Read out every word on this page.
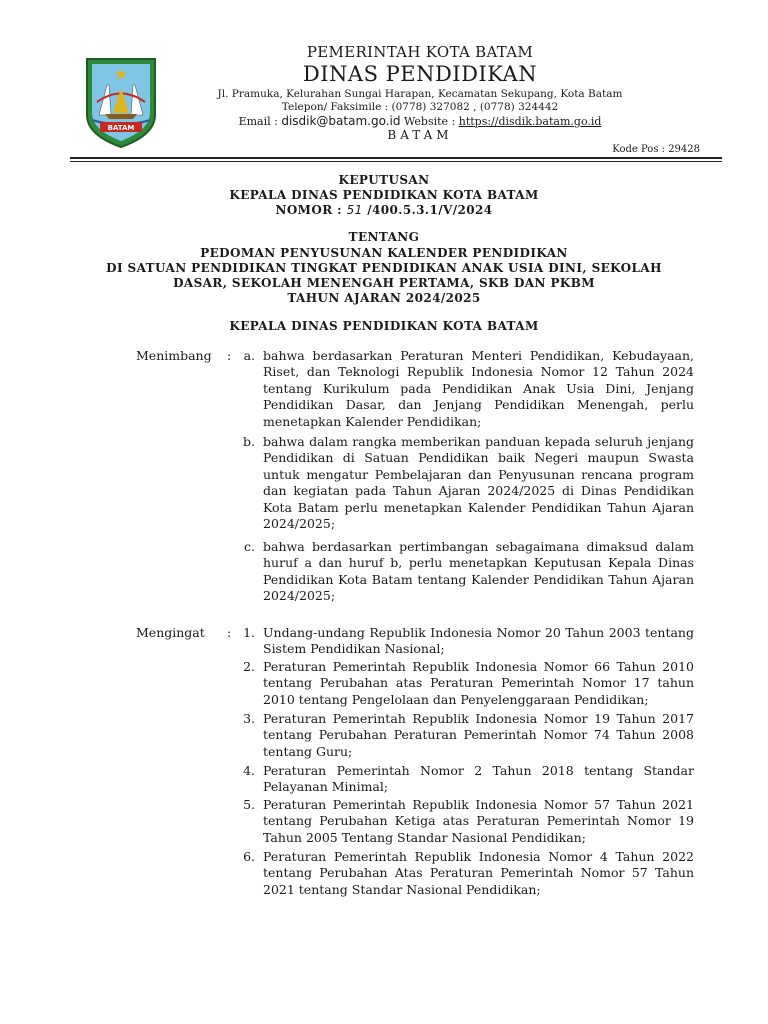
BATAM
PEMERINTAH KOTA BATAM
DINAS PENDIDIKAN
Jl. Pramuka, Kelurahan Sungai Harapan, Kecamatan Sekupang, Kota Batam
Telepon/ Faksimile : (0778) 327082 , (0778) 324442
Email : disdik@batam.go.id Website : https://disdik.batam.go.id
BATAM
Kode Pos : 29428
KEPUTUSAN
KEPALA DINAS PENDIDIKAN KOTA BATAM
NOMOR : 51 /400.5.3.1/V/2024
TENTANG
PEDOMAN PENYUSUNAN KALENDER PENDIDIKAN
DI SATUAN PENDIDIKAN TINGKAT PENDIDIKAN ANAK USIA DINI, SEKOLAH
DASAR, SEKOLAH MENENGAH PERTAMA, SKB DAN PKBM
TAHUN AJARAN 2024/2025
KEPALA DINAS PENDIDIKAN KOTA BATAM
Menimbang : a. bahwa berdasarkan Peraturan Menteri Pendidikan, Kebudayaan, Riset, dan Teknologi Republik Indonesia Nomor 12 Tahun 2024 tentang Kurikulum pada Pendidikan Anak Usia Dini, Jenjang Pendidikan Dasar, dan Jenjang Pendidikan Menengah, perlu menetapkan Kalender Pendidikan;
b. bahwa dalam rangka memberikan panduan kepada seluruh jenjang Pendidikan di Satuan Pendidikan baik Negeri maupun Swasta untuk mengatur Pembelajaran dan Penyusunan rencana program dan kegiatan pada Tahun Ajaran 2024/2025 di Dinas Pendidikan Kota Batam perlu menetapkan Kalender Pendidikan Tahun Ajaran 2024/2025;
c. bahwa berdasarkan pertimbangan sebagaimana dimaksud dalam huruf a dan huruf b, perlu menetapkan Keputusan Kepala Dinas Pendidikan Kota Batam tentang Kalender Pendidikan Tahun Ajaran 2024/2025;
Mengingat : 1. Undang-undang Republik Indonesia Nomor 20 Tahun 2003 tentang Sistem Pendidikan Nasional;
2. Peraturan Pemerintah Republik Indonesia Nomor 66 Tahun 2010 tentang Perubahan atas Peraturan Pemerintah Nomor 17 tahun 2010 tentang Pengelolaan dan Penyelenggaraan Pendidikan;
3. Peraturan Pemerintah Republik Indonesia Nomor 19 Tahun 2017 tentang Perubahan Peraturan Pemerintah Nomor 74 Tahun 2008 tentang Guru;
4. Peraturan Pemerintah Nomor 2 Tahun 2018 tentang Standar Pelayanan Minimal;
5. Peraturan Pemerintah Republik Indonesia Nomor 57 Tahun 2021 tentang Perubahan Ketiga atas Peraturan Pemerintah Nomor 19 Tahun 2005 Tentang Standar Nasional Pendidikan;
6. Peraturan Pemerintah Republik Indonesia Nomor 4 Tahun 2022 tentang Perubahan Atas Peraturan Pemerintah Nomor 57 Tahun 2021 tentang Standar Nasional Pendidikan;
